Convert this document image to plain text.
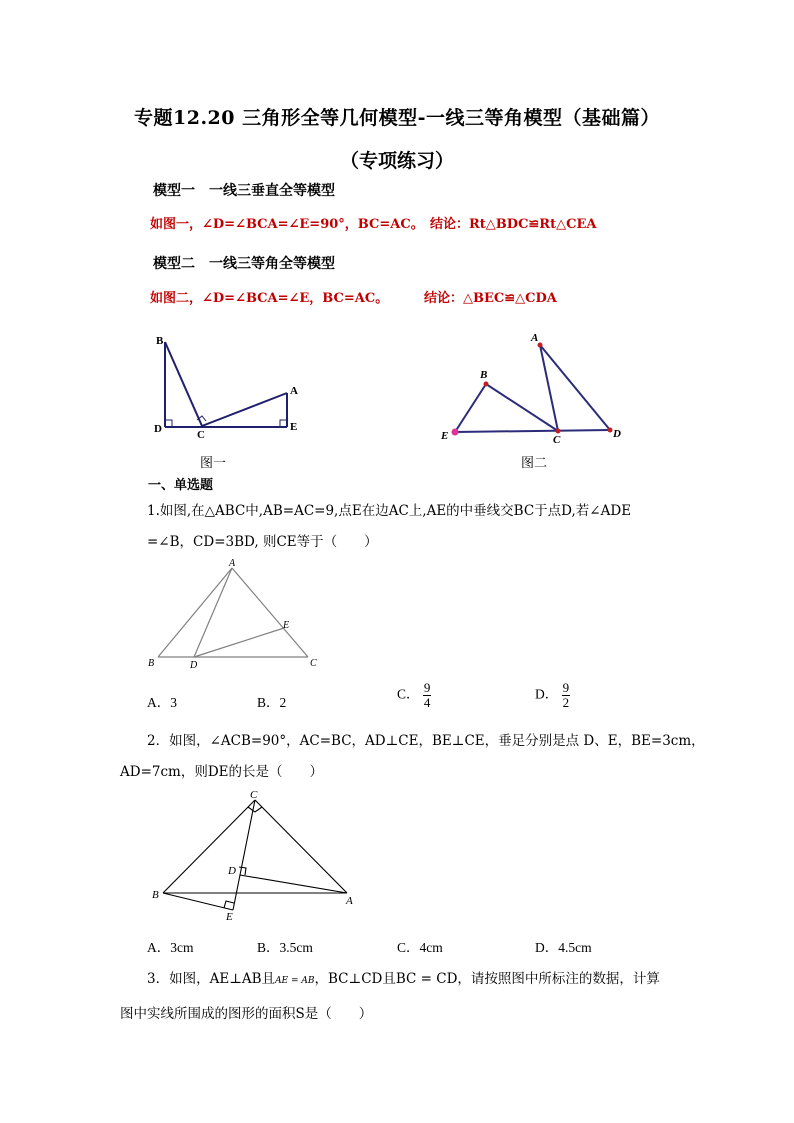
专题12.20 三角形全等几何模型-一线三等角模型（基础篇）
（专项练习）
模型一　一线三垂直全等模型
如图一，∠D=∠BCA=∠E=90°，BC=AC。 结论：Rt△BDC≌Rt△CEA
模型二　一线三等角全等模型
如图二，∠D=∠BCA=∠E，BC=AC。	结论：△BEC≌△CDA
B
D	C
A
E
图一
A
B
E	C	D
图二
一、单选题
1.如图,在△ABC中,AB=AC=9,点E在边AC上,AE的中垂线交BC于点D,若∠ADE
=∠B，CD=3BD, 则CE等于（　　）
A
B	D
E
C
A．3	B．2
C． $\frac{9}{4}$	D． $\frac{9}{2}$
2．如图，∠ACB=90°，AC=BC，AD⊥CE，BE⊥CE，垂足分别是点 D、E，BE=3cm，
AD=7cm，则DE的长是（　　）
C
D
B	A
E
A．3cm	B．3.5cm	C．4cm	D．4.5cm
3．如图，AE⊥AB且AE = AB，BC⊥CD且BC = CD，请按照图中所标注的数据，计算
图中实线所围成的图形的面积S是（　　）
